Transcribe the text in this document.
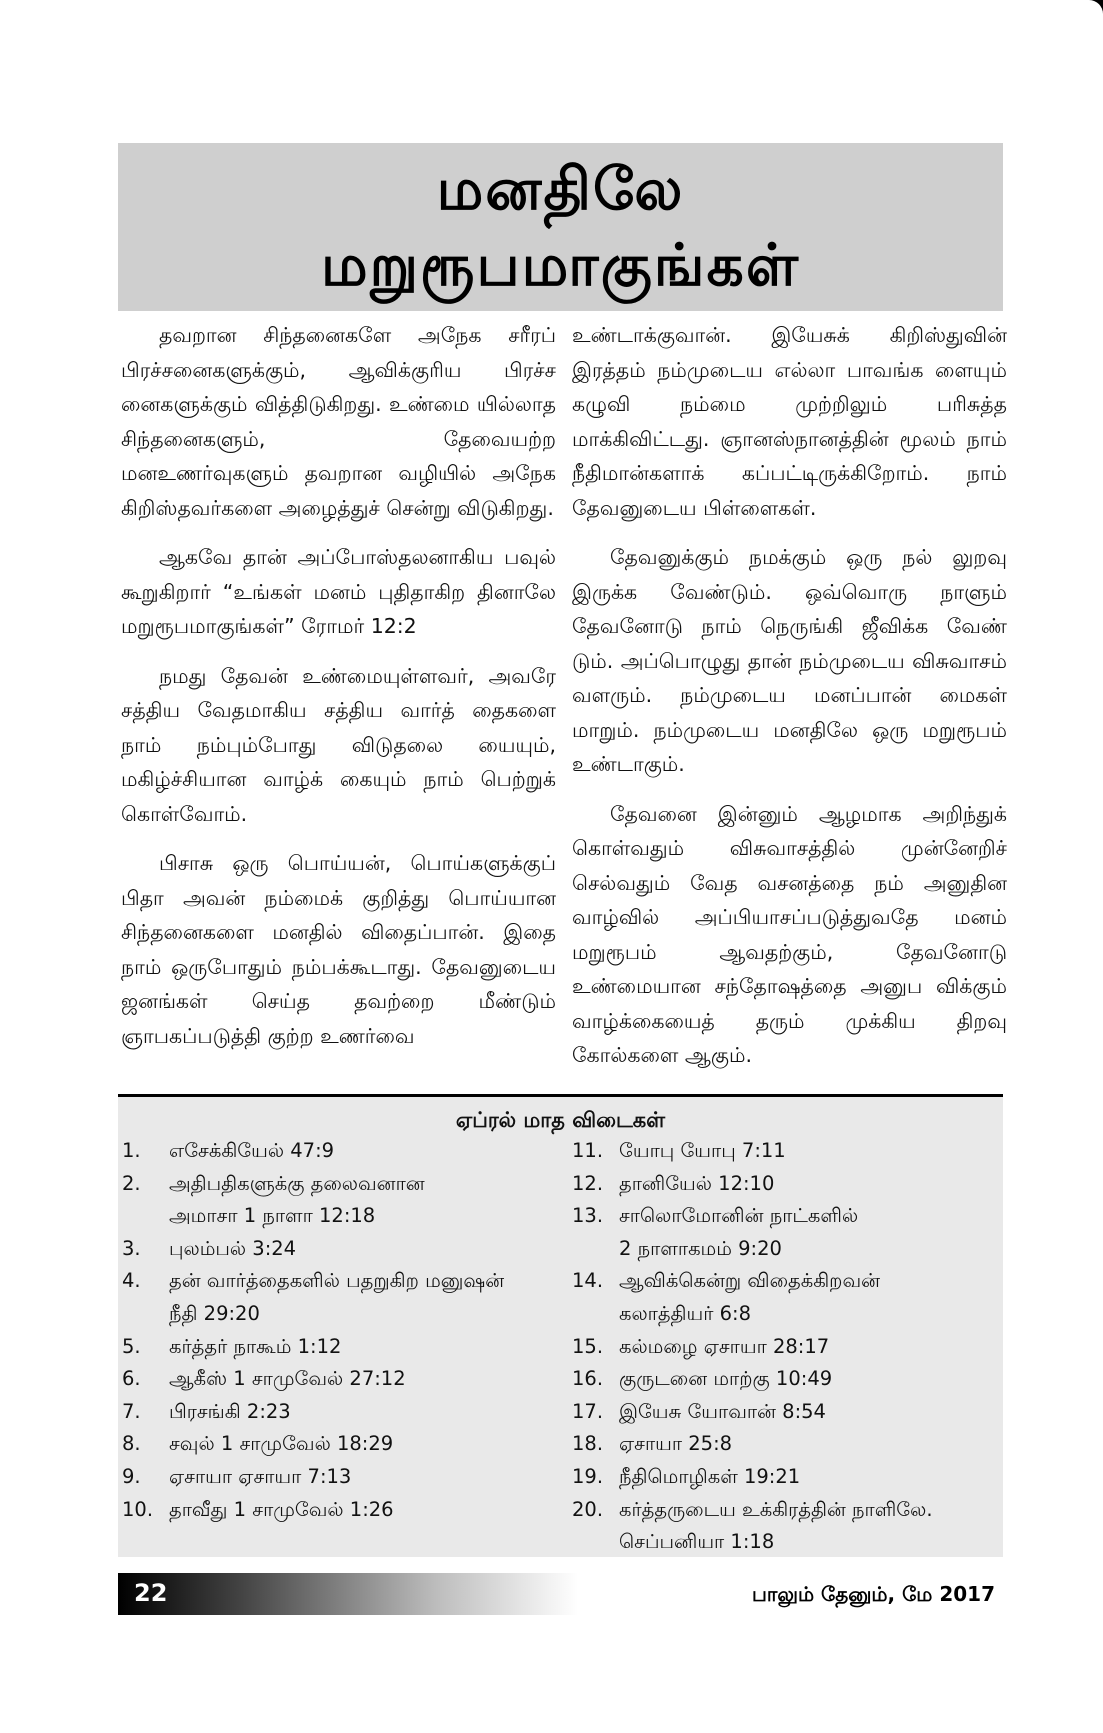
மனதிலே
மறுரூபமாகுங்கள்

தவறான சிந்தனைகளே அநேக சரீரப் பிரச்சனைகளுக்கும், ஆவிக்குரிய பிரச்ச னைகளுக்கும் வித்திடுகிறது. உண்மை யில்லாத சிந்தனைகளும், தேவையற்ற மனஉணர்வுகளும் தவறான வழியில் அநேக கிறிஸ்தவர்களை அழைத்துச் சென்று விடுகிறது.

ஆகவே தான் அப்போஸ்தலனாகிய பவுல் கூறுகிறார் “உங்கள் மனம் புதிதாகிற தினாலே மறுரூபமாகுங்கள்” ரோமர் 12:2

நமது தேவன் உண்மையுள்ளவர், அவரே சத்திய வேதமாகிய சத்திய வார்த் தைகளை நாம் நம்பும்போது விடுதலை யையும், மகிழ்ச்சியான வாழ்க் கையும் நாம் பெற்றுக் கொள்வோம்.

பிசாசு ஒரு பொய்யன், பொய்களுக்குப் பிதா அவன் நம்மைக் குறித்து பொய்யான சிந்தனைகளை மனதில் விதைப்பான். இதை நாம் ஒருபோதும் நம்பக்கூடாது. தேவனுடைய ஜனங்கள் செய்த தவற்றை மீண்டும் ஞாபகப்படுத்தி குற்ற உணர்வை

உண்டாக்குவான். இயேசுக் கிறிஸ்துவின் இரத்தம் நம்முடைய எல்லா பாவங்க ளையும் கழுவி நம்மை முற்றிலும் பரிசுத்த மாக்கிவிட்டது. ஞானஸ்நானத்தின் மூலம் நாம் நீதிமான்களாக் கப்பட்டிருக்கிறோம். நாம் தேவனுடைய பிள்ளைகள்.

தேவனுக்கும் நமக்கும் ஒரு நல் லுறவு இருக்க வேண்டும். ஒவ்வொரு நாளும் தேவனோடு நாம் நெருங்கி ஜீவிக்க வேண் டும். அப்பொழுது தான் நம்முடைய விசுவாசம் வளரும். நம்முடைய மனப்பான் மைகள் மாறும். நம்முடைய மனதிலே ஒரு மறுரூபம் உண்டாகும்.

தேவனை இன்னும் ஆழமாக அறிந்துக் கொள்வதும் விசுவாசத்தில் முன்னேறிச் செல்வதும் வேத வசனத்தை நம் அனுதின வாழ்வில் அப்பியாசப்படுத்துவதே மனம் மறுரூபம் ஆவதற்கும், தேவனோடு உண்மையான சந்தோஷத்தை அனுப விக்கும் வாழ்க்கையைத் தரும் முக்கிய திறவு கோல்களை ஆகும்.

ஏப்ரல் மாத விடைகள்
1.	எசேக்கியேல் 47:9
2.	அதிபதிகளுக்கு தலைவனான
அமாசா 1 நாளா 12:18
3.	புலம்பல் 3:24
4.	தன் வார்த்தைகளில் பதறுகிற மனுஷன்
நீதி 29:20
5.	கர்த்தர் நாகூம் 1:12
6.	ஆகீஸ் 1 சாமுவேல் 27:12
7.	பிரசங்கி 2:23
8.	சவுல் 1 சாமுவேல் 18:29
9.	ஏசாயா ஏசாயா 7:13
10. தாவீது 1 சாமுவேல் 1:26
11. யோபு யோபு 7:11
12. தானியேல் 12:10
13. சாலொமோனின் நாட்களில்
2 நாளாகமம் 9:20
14. ஆவிக்கென்று விதைக்கிறவன்
கலாத்தியர் 6:8
15. கல்மழை ஏசாயா 28:17
16. குருடனை மாற்கு 10:49
17. இயேசு யோவான் 8:54
18. ஏசாயா 25:8
19. நீதிமொழிகள் 19:21
20. கர்த்தருடைய உக்கிரத்தின் நாளிலே.
செப்பனியா 1:18
22	பாலும் தேனும், மே 2017
